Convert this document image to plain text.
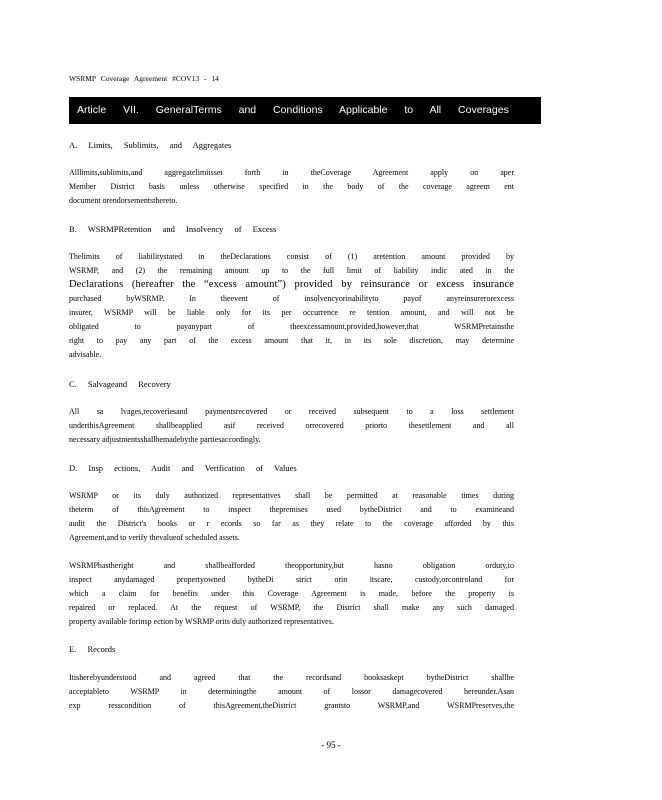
WSRMP Coverage Agreement #COV13 - 14
Article VII. GeneralTerms and Conditions Applicable to All Coverages
A. Limits, Sublimits, and Aggregates

Alllimits,sublimits,and aggregatelimitsset forth in theCoverage Agreement apply on aper

Member District basis unless otherwise specified in the body of the coverage agreem ent

document orendorsementsthereto.

B. WSRMPRetention and Insolvency of Excess

Thelimits of liabilitystated in theDeclarations consist of (1) aretention amount provided by

WSRMP, and (2) the remaining amount up to the full limit of liability indic ated in the

Declarations (hereafter the “excess amount”) provided by reinsurance or excess insurance

purchased byWSRMP. In theevent of insolvencyorinabilityto payof anyreinsurerorexcess

insurer, WSRMP will be liable only for its per occurrence re tention amount, and will not be

obligated to payanypart of theexcessamount,provided,however,that WSRMPretainsthe

right to pay any part of the excess amount that it, in its sole discretion, may determine

advisable.

C. Salvageand Recovery

All sa lvages,recoveriesand paymentsrecovered or received subsequent to a loss settlement

underthisAgreement shallbeapplied asif received orrecovered priorto thesettlement and all

necessary adjustmentsshallbemadebythe partiesaccordingly.

D. Insp ections, Audit and Verification of Values

WSRMP or its duly authorized representatives shall be permitted at reasonable times during

theterm of thisAgreement to inspect thepremises used bytheDistrict and to examineand

audit the District's books or r ecords so far as they relate to the coverage afforded by this

Agreement,and to verify thevalueof scheduled assets.

WSRMPhastheright and shallbeafforded theopportunity,but hasno obligation orduty,to

inspect anydamaged propertyowned bytheDi strict orin itscare, custody,orcontroland for

which a claim for benefits under this Coverage Agreement is made, before the property is

repaired or replaced. At the request of WSRMP, the District shall make any such damaged

property available forinsp ection by WSRMP orits duly authorized representatives.

E. Records

Itisherebyunderstood and agreed that the recordsand booksaskept bytheDistrict shallbe

acceptableto WSRMP in determiningthe amount of lossor damagecovered hereunder.Asan

exp resscondition of thisAgreement,theDistrict grantsto WSRMP,and WSRMPreserves,the

- 95 -
